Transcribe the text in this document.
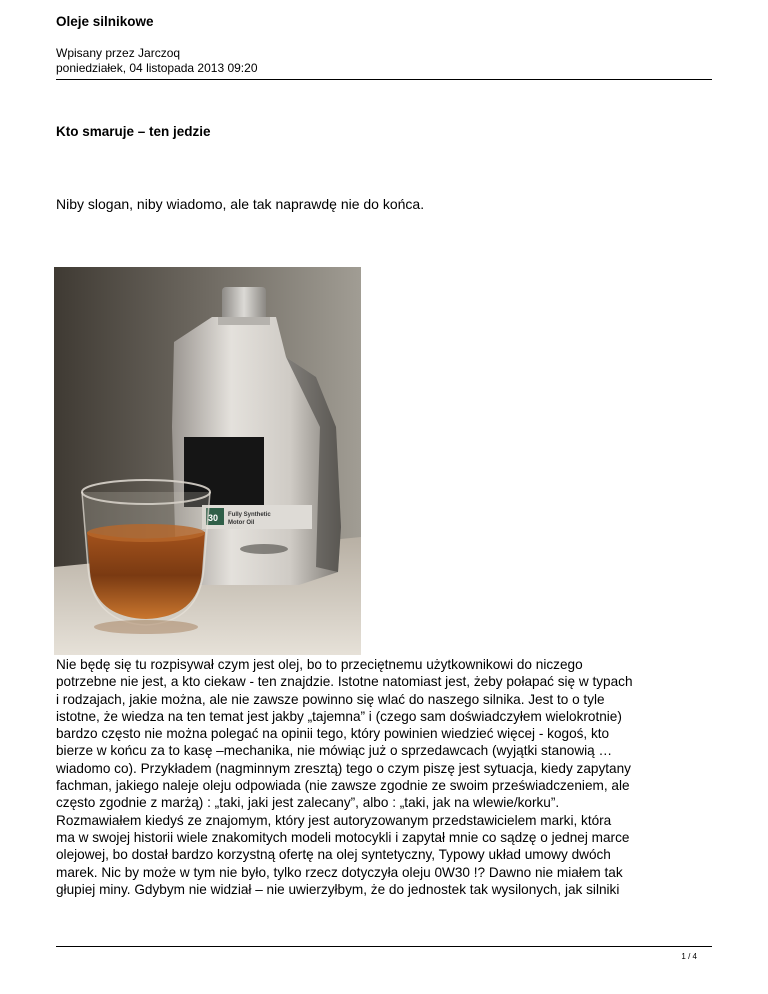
Oleje silnikowe
Wpisany przez Jarczoq
poniedziałek, 04 listopada 2013 09:20
Kto smaruje – ten jedzie
Niby slogan, niby wiadomo, ale tak naprawdę nie do końca.
30 Fully Synthetic
Motor Oil
Nie będę się tu rozpisywał czym jest olej, bo to przeciętnemu użytkownikowi do niczego
potrzebne nie jest, a kto ciekaw - ten znajdzie. Istotne natomiast jest, żeby połapać się w typach
i rodzajach, jakie można, ale nie zawsze powinno się wlać do naszego silnika. Jest to o tyle
istotne, że wiedza na ten temat jest jakby „tajemna” i (czego sam doświadczyłem wielokrotnie)
bardzo często nie można polegać na opinii tego, który powinien wiedzieć więcej - kogoś, kto
bierze w końcu za to kasę –mechanika, nie mówiąc już o sprzedawcach (wyjątki stanowią …
wiadomo co). Przykładem (nagminnym zresztą) tego o czym piszę jest sytuacja, kiedy zapytany
fachman, jakiego naleje oleju odpowiada (nie zawsze zgodnie ze swoim przeświadczeniem, ale
często zgodnie z marżą) : „taki, jaki jest zalecany”, albo : „taki, jak na wlewie/korku”.
Rozmawiałem kiedyś ze znajomym, który jest autoryzowanym przedstawicielem marki, która
ma w swojej historii wiele znakomitych modeli motocykli i zapytał mnie co sądzę o jednej marce
olejowej, bo dostał bardzo korzystną ofertę na olej syntetyczny, Typowy układ umowy dwóch
marek. Nic by może w tym nie było, tylko rzecz dotyczyła oleju 0W30 !? Dawno nie miałem tak
głupiej miny. Gdybym nie widział – nie uwierzyłbym, że do jednostek tak wysilonych, jak silniki
1 / 4
